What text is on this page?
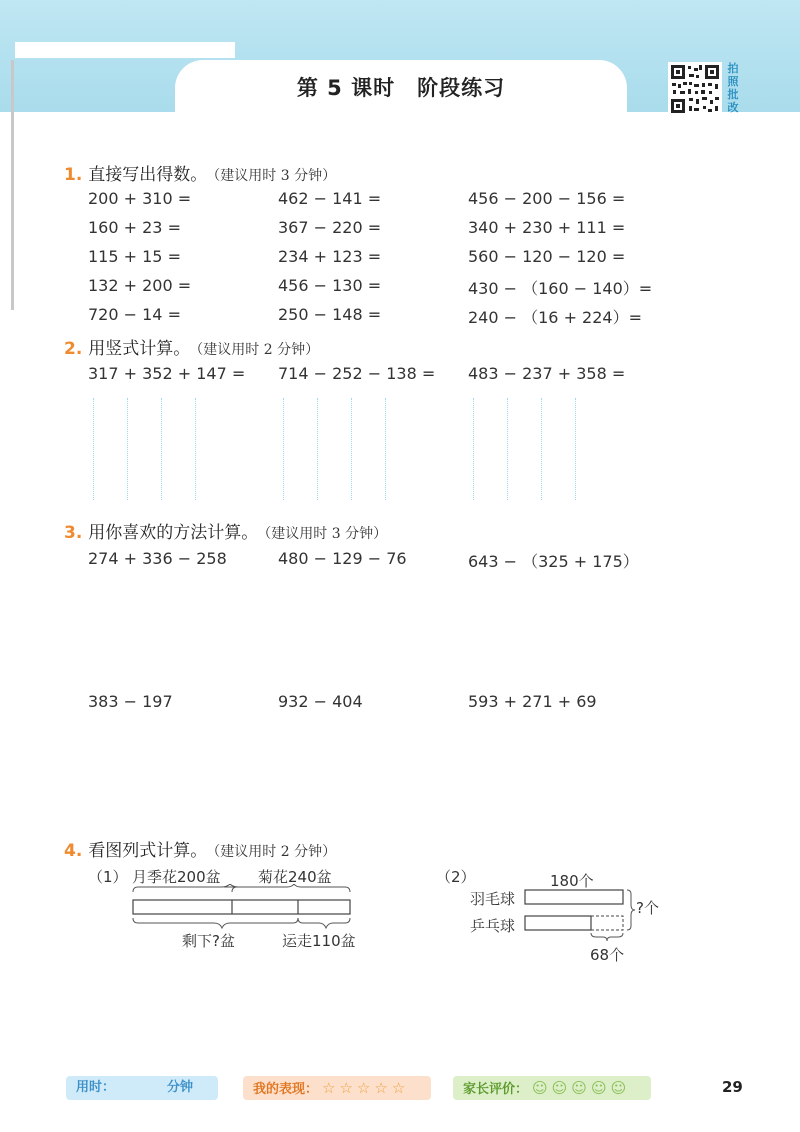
第 5 课时 阶段练习
拍
照
批
改
1. 直接写出得数。 （建议用时 3 分钟）
200 + 310 =	462 − 141 =	456 − 200 − 156 =
160 + 23 =	367 − 220 =	340 + 230 + 111 =
115 + 15 =	234 + 123 =	560 − 120 − 120 =
132 + 200 =	456 − 130 =	430 − （160 − 140）=
720 − 14 =	250 − 148 =	240 − （16 + 224）=
2. 用竖式计算。 （建议用时 2 分钟）
317 + 352 + 147 = 714 − 252 − 138 = 483 − 237 + 358 =
3. 用你喜欢的方法计算。 （建议用时 3 分钟）
274 + 336 − 258	480 − 129 − 76	643 − （325 + 175）
383 − 197	932 − 404	593 + 271 + 69
4. 看图列式计算。 （建议用时 2 分钟）
（1） 月季花200盆 菊花240盆
剩下?盆	运走110盆
（2）	180个
羽毛球
乒乓球
?个
68个
用时：	分钟	我的表现： ☆ ☆ ☆ ☆ ☆	家长评价： ☺ ☺ ☺ ☺ ☺	29
